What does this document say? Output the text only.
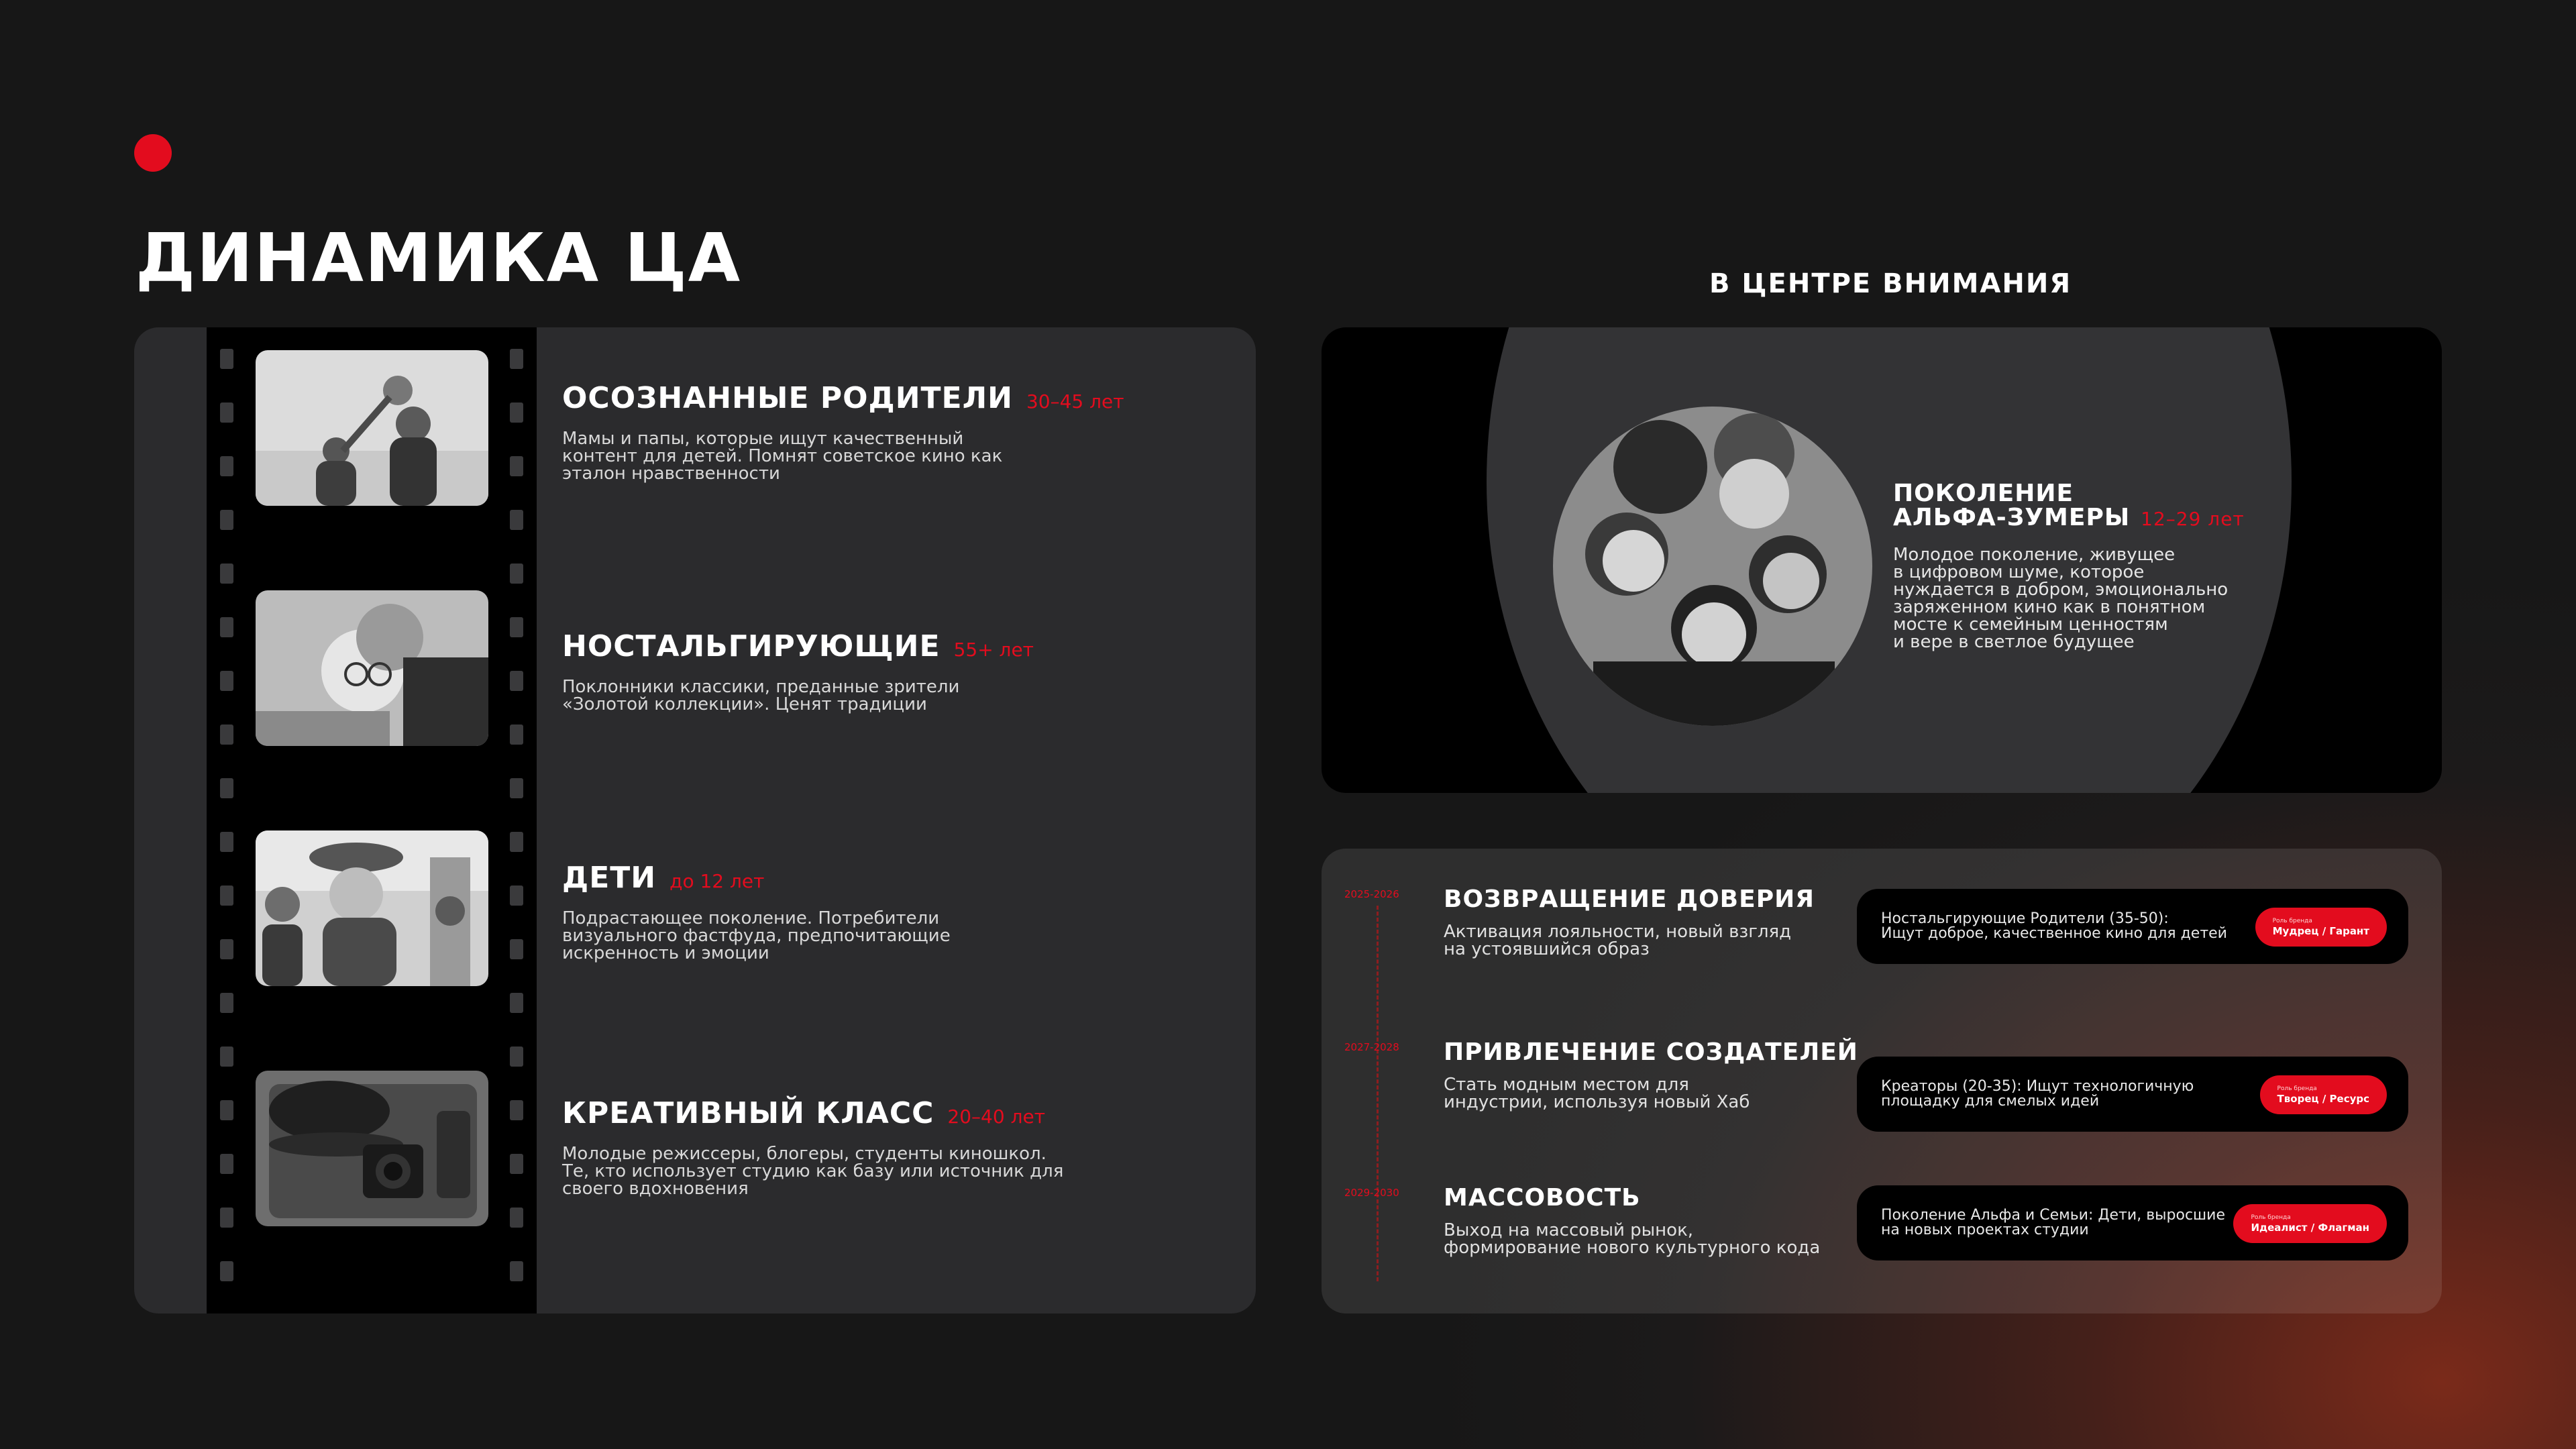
ДИНАМИКА ЦА	В ЦЕНТРЕ ВНИМАНИЯ
ОСОЗНАННЫЕ РОДИТЕЛИ 30–45 лет
Мамы и папы, которые ищут качественный
контент для детей. Помнят советское кино как
эталон нравственности
НОСТАЛЬГИРУЮЩИЕ 55+ лет
Поклонники классики, преданные зрители
«Золотой коллекции». Ценят традиции
ДЕТИ до 12 лет
Подрастающее поколение. Потребители
визуального фастфуда, предпочитающие
искренность и эмоции
КРЕАТИВНЫЙ КЛАСС 20–40 лет
Молодые режиссеры, блогеры, студенты киношкол.
Те, кто использует студию как базу или источник для
своего вдохновения
ПОКОЛЕНИЕ
АЛЬФА-ЗУМЕРЫ 12–29 лет
Молодое поколение, живущее
в цифровом шуме, которое
нуждается в добром, эмоционально
заряженном кино как в понятном
мосте к семейным ценностям
и вере в светлое будущее
2025-2026 ВОЗВРАЩЕНИЕ ДОВЕРИЯ
Активация лояльности, новый взгляд
на устоявшийся образ
Ностальгирующие Родители (35-50):
Ищут доброе, качественное кино для детей
Роль бренда
Мудрец / Гарант
2027-2028 ПРИВЛЕЧЕНИЕ СОЗДАТЕЛЕЙ
Стать модным местом для
индустрии, используя новый Хаб
Креаторы (20-35): Ищут технологичную
площадку для смелых идей
Роль бренда
Творец / Ресурс
2029-2030 МАССОВОСТЬ
Выход на массовый рынок,
формирование нового культурного кода
Поколение Альфа и Семьи: Дети, выросшие
на новых проектах студии
Роль бренда
Идеалист / Флагман
